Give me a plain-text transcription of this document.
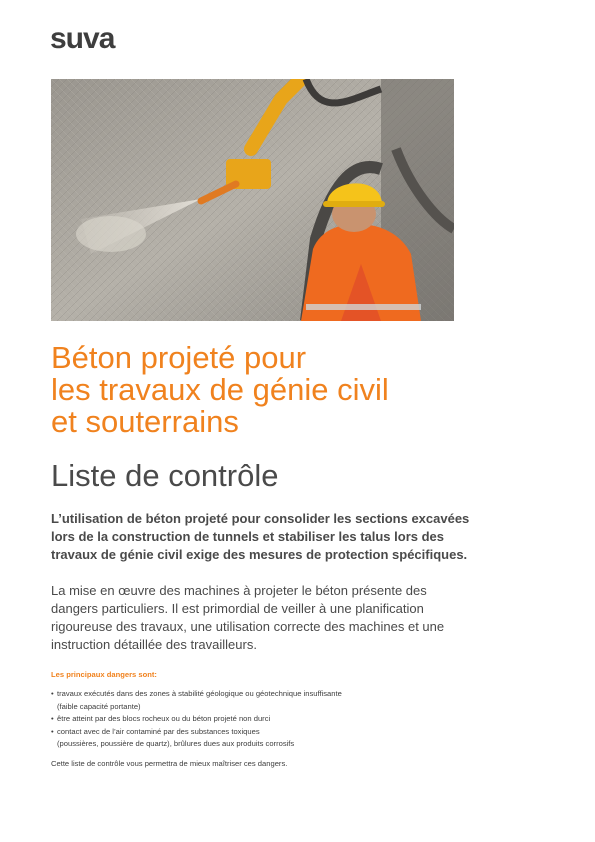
suva
Béton projeté pour
les travaux de génie civil
et souterrains
Liste de contrôle

L’utilisation de béton projeté pour consolider les sections excavées lors de la construction de tunnels et stabiliser les talus lors des travaux de génie civil exige des mesures de protection spécifiques.

La mise en œuvre des machines à projeter le béton présente des dangers particuliers. Il est primordial de veiller à une planification rigoureuse des travaux, une utilisation correcte des machines et une instruction détaillée des travailleurs.

Les principaux dangers sont:

• travaux exécutés dans des zones à stabilité géologique ou géotechnique insuffisante
(faible capacité portante)
• être atteint par des blocs rocheux ou du béton projeté non durci
• contact avec de l’air contaminé par des substances toxiques
(poussières, poussière de quartz), brûlures dues aux produits corrosifs

Cette liste de contrôle vous permettra de mieux maîtriser ces dangers.
